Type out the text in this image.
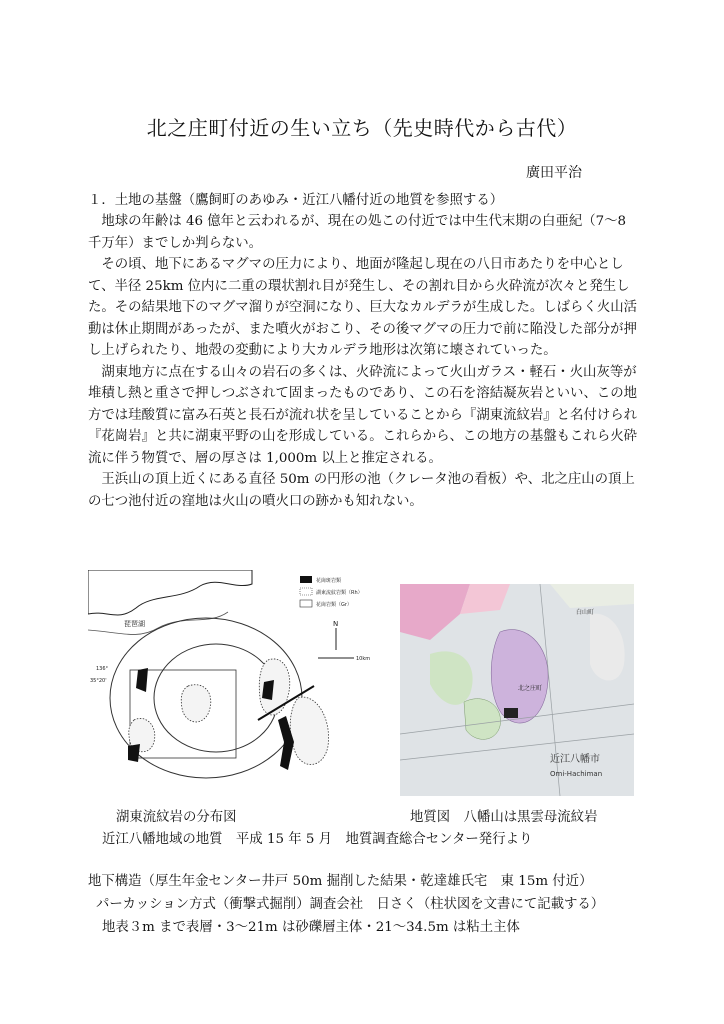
北之庄町付近の生い立ち（先史時代から古代）
廣田平治
１．土地の基盤（鷹飼町のあゆみ・近江八幡付近の地質を参照する）

地球の年齢は 46 億年と云われるが、現在の処この付近では中生代末期の白亜紀（7〜8 千万年）までしか判らない。

その頃、地下にあるマグマの圧力により、地面が隆起し現在の八日市あたりを中心として、半径 25km 位内に二重の環状割れ目が発生し、その割れ目から火砕流が次々と発生した。その結果地下のマグマ溜りが空洞になり、巨大なカルデラが生成した。しばらく火山活動は休止期間があったが、また噴火がおこり、その後マグマの圧力で前に陥没した部分が押し上げられたり、地殻の変動により大カルデラ地形は次第に壊されていった。

湖東地方に点在する山々の岩石の多くは、火砕流によって火山ガラス・軽石・火山灰等が堆積し熱と重さで押しつぶされて固まったものであり、この石を溶結凝灰岩といい、この地方では珪酸質に富み石英と長石が流れ状を呈していることから『湖東流紋岩』と名付けられ『花崗岩』と共に湖東平野の山を形成している。これらから、この地方の基盤もこれら火砕流に伴う物質で、層の厚さは 1,000m 以上と推定される。

王浜山の頂上近くにある直径 50m の円形の池（クレータ池の看板）や、北之庄山の頂上の七つ池付近の窪地は火山の噴火口の跡かも知れない。

琵琶湖
花崗斑岩類
湖東流紋岩類（Rh）
花崗岩類（Gr）
N
10km
136°
35°20'
北之庄町
近江八幡市
Omi-Hachiman
白山町
湖東流紋岩の分布図	地質図　八幡山は黒雲母流紋岩
近江八幡地域の地質　平成 15 年 5 月　地質調査総合センター発行より
地下構造（厚生年金センター井戸 50m 掘削した結果・乾達雄氏宅　東 15m 付近）
パーカッション方式（衝撃式掘削）調査会社　日さく（柱状図を文書にて記載する）
地表３m まで表層・3〜21m は砂礫層主体・21〜34.5m は粘土主体
